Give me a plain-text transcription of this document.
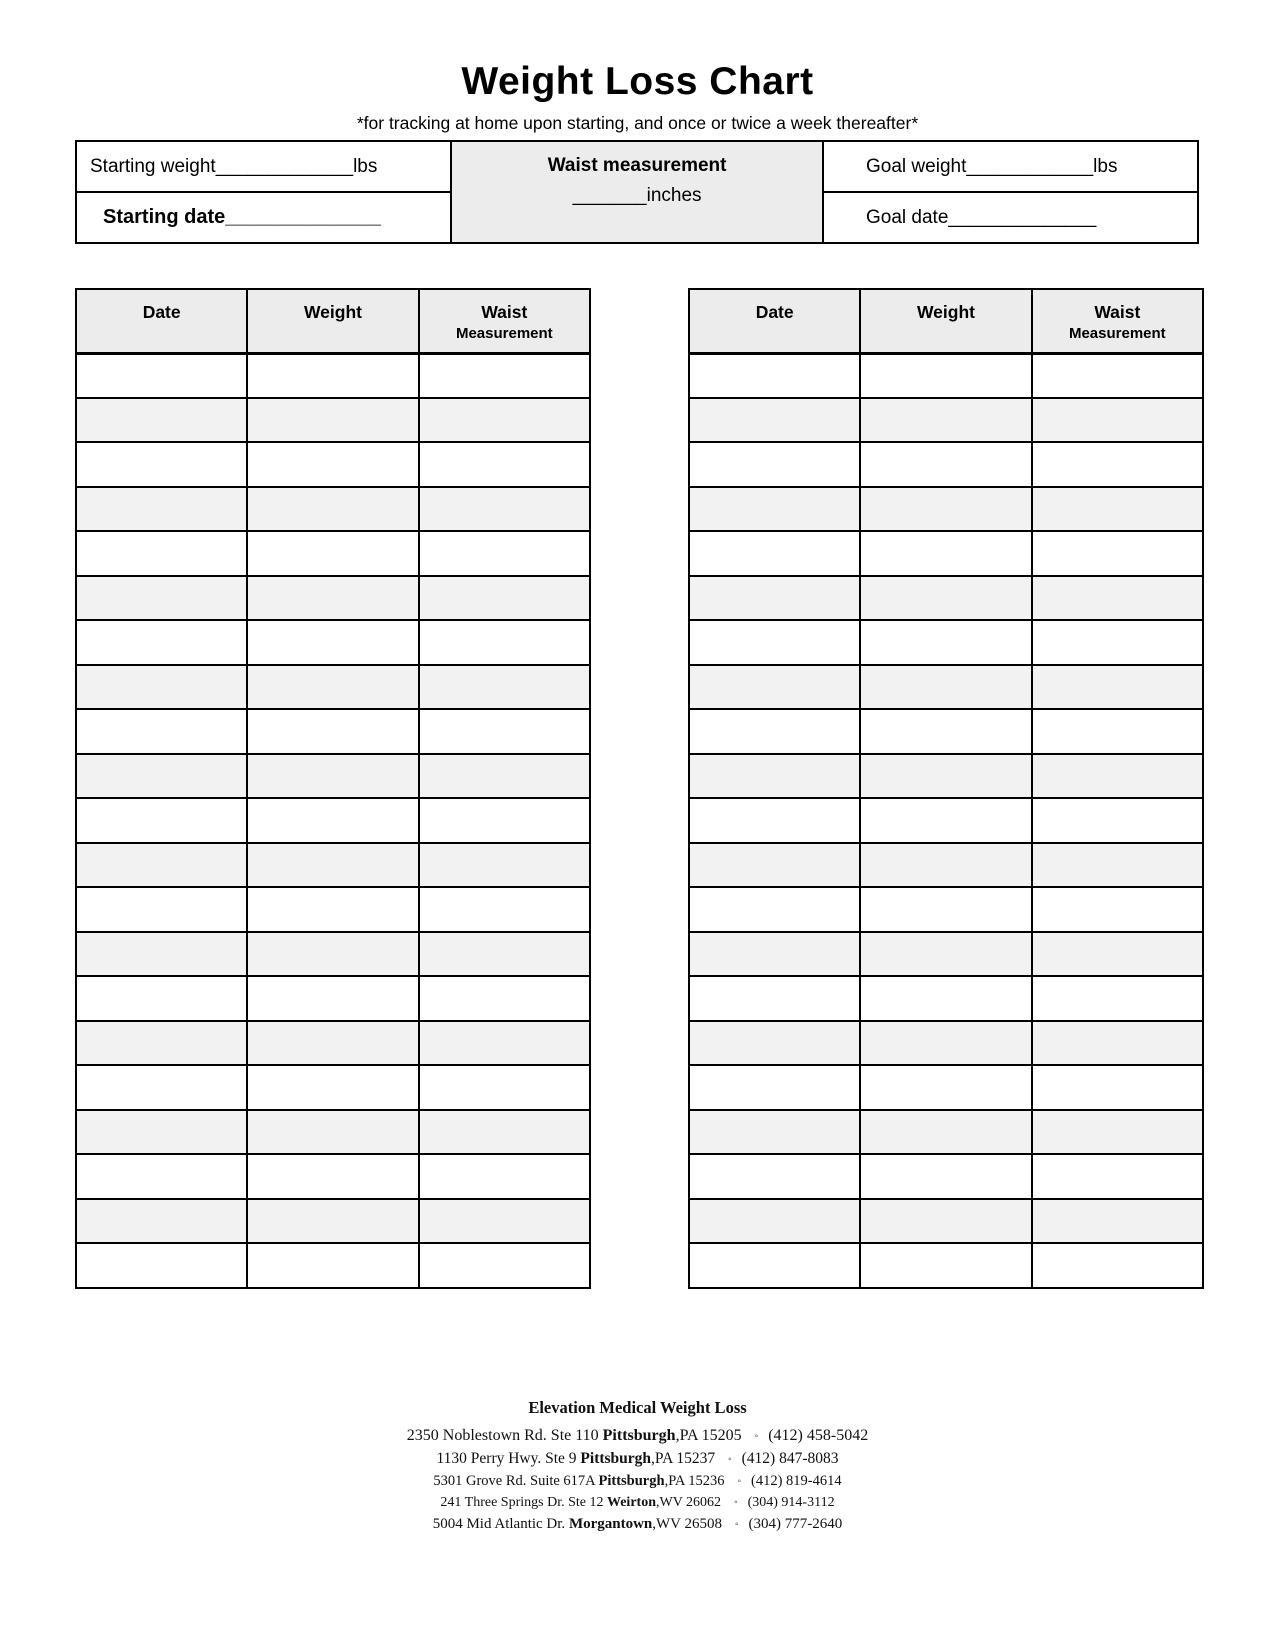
Weight Loss Chart
*for tracking at home upon starting, and once or twice a week thereafter*
Starting weight _____________ lbs
Starting date ______________
Waist measurement
_______inches
Goal weight ____________ lbs
Goal date ______________
Date	Weight	Waist
Measurement

Date	Weight	Waist
Measurement

Elevation Medical Weight Loss
2350 Noblestown Rd. Ste 110 Pittsburgh,PA 15205 ◦ (412) 458-5042
1130 Perry Hwy. Ste 9 Pittsburgh,PA 15237 ◦ (412) 847-8083
5301 Grove Rd. Suite 617A Pittsburgh,PA 15236 ◦ (412) 819-4614
241 Three Springs Dr. Ste 12 Weirton,WV 26062 ◦ (304) 914-3112
5004 Mid Atlantic Dr. Morgantown,WV 26508 ◦ (304) 777-2640
